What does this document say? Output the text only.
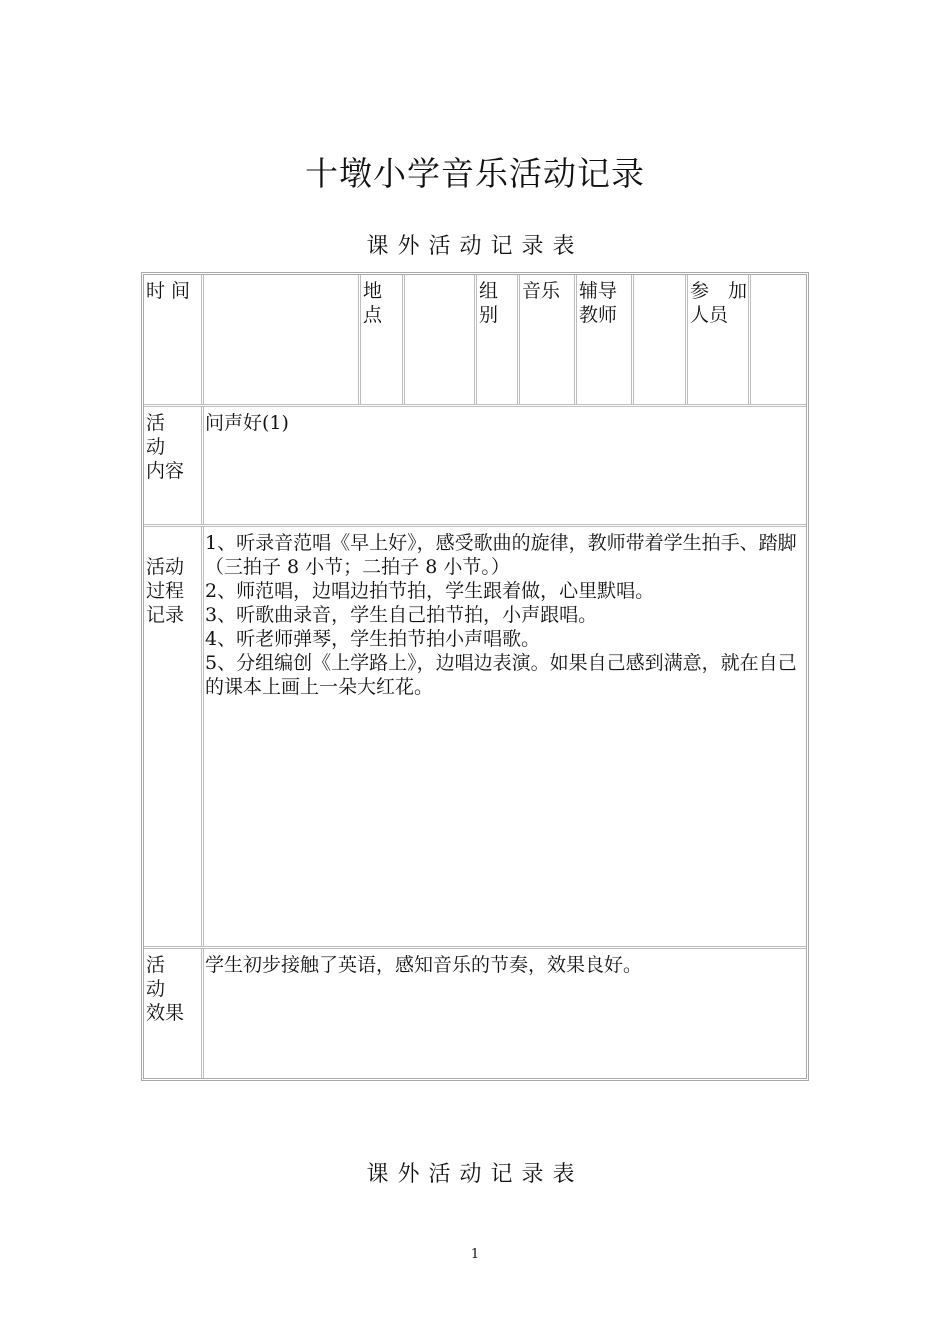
十墩小学音乐活动记录
课外活动记录表
时 间	地
点
组
别
音乐 辅导
教师
参　加
人员
活　动
内容
问声好(1)
活动
过程
记录

1、听录音范唱《早上好》，感受歌曲的旋律，教师带着学生拍手、踏脚（三拍子 8 小节；二拍子 8 小节。）

2、师范唱，边唱边拍节拍，学生跟着做，心里默唱。

3、听歌曲录音，学生自己拍节拍，小声跟唱。

4、听老师弹琴，学生拍节拍小声唱歌。

5、分组编创《上学路上》，边唱边表演。如果自己感到满意，就在自己的课本上画上一朵大红花。

活　动
效果
学生初步接触了英语，感知音乐的节奏，效果良好。
课外活动记录表
1
